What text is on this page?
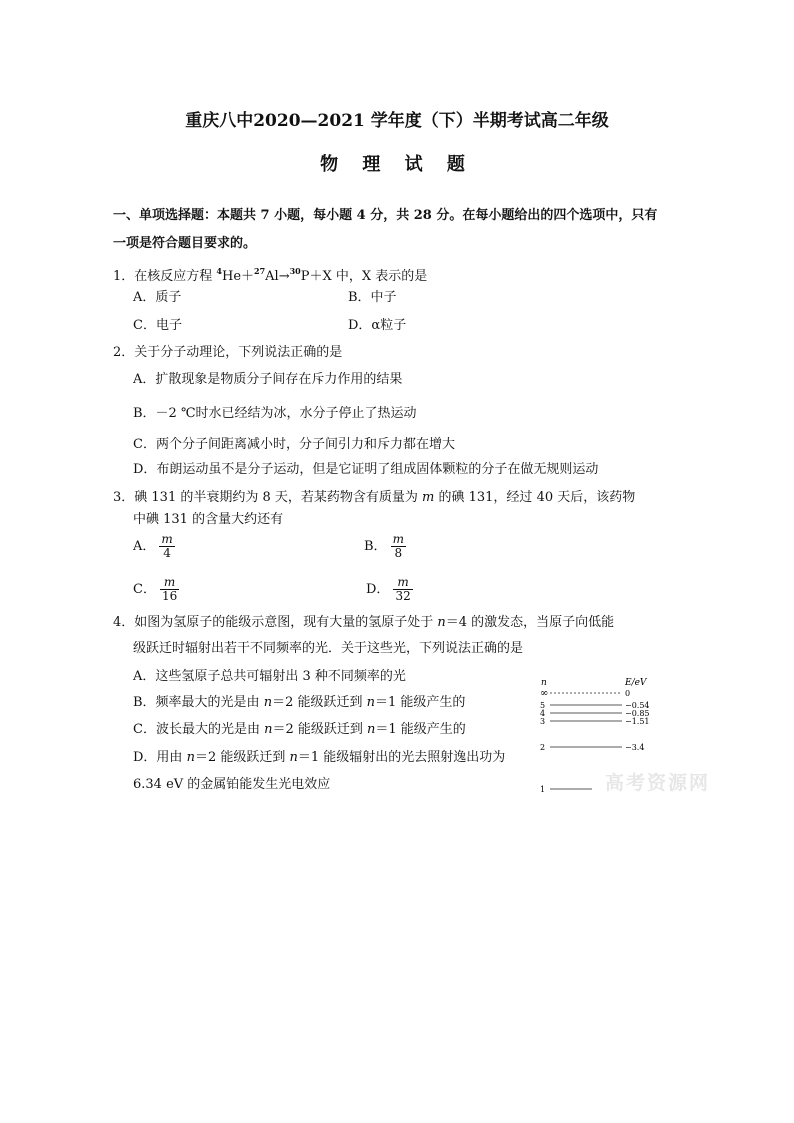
重庆八中2020—2021 学年度（下）半期考试高二年级
物 理 试 题
一、单项选择题：本题共 7 小题，每小题 4 分，共 28 分。在每小题给出的四个选项中，只有
一项是符合题目要求的。
1．在核反应方程 $^4$He＋$^{27}$Al→$^{30}$P＋X 中，X 表示的是
A．质子	B．中子
C．电子	D．α粒子
2．关于分子动理论，下列说法正确的是
A．扩散现象是物质分子间存在斥力作用的结果
B．－2 ℃时水已经结为冰，水分子停止了热运动
C．两个分子间距离减小时，分子间引力和斥力都在增大
D．布朗运动虽不是分子运动，但是它证明了组成固体颗粒的分子在做无规则运动
3．碘 131 的半衰期约为 8 天，若某药物含有质量为 m 的碘 131，经过 40 天后，该药物
中碘 131 的含量大约还有
A． $\frac{m}{4}$	B． $\frac{m}{8}$
C． $\frac{m}{16}$	D． $\frac{m}{32}$
4．如图为氢原子的能级示意图，现有大量的氢原子处于 n＝4 的激发态，当原子向低能
级跃迁时辐射出若干不同频率的光．关于这些光，下列说法正确的是
A．这些氢原子总共可辐射出 3 种不同频率的光
B．频率最大的光是由 n＝2 能级跃迁到 n＝1 能级产生的
C．波长最大的光是由 n＝2 能级跃迁到 n＝1 能级产生的
D．用由 n＝2 能级跃迁到 n＝1 能级辐射出的光去照射逸出功为
6.34 eV 的金属铂能发生光电效应
n	E/eV
∞	0
5	−0.54
4	−0.85
3	−1.51
2	−3.4
1	高考资源网
